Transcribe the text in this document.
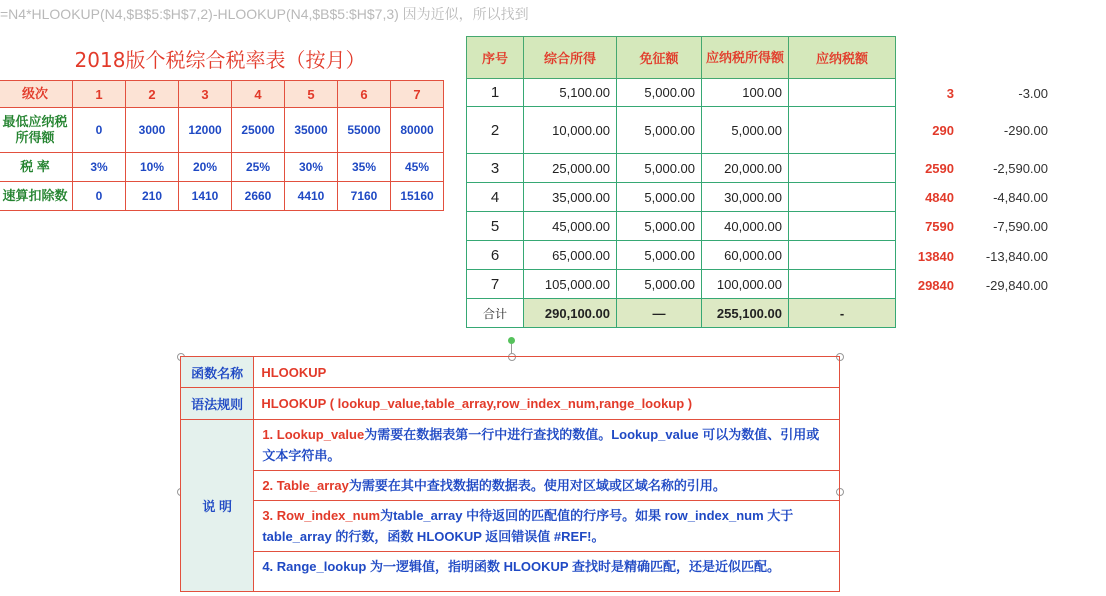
=N4*HLOOKUP(N4,$B$5:$H$7,2)-HLOOKUP(N4,$B$5:$H$7,3) 因为近似，所以找到
2018版个税综合税率表（按月）
级次	1	2	3	4	5	6	7
最低应纳税所得额	0	3000	12000	25000	35000	55000	80000
税 率	3%	10%	20%	25%	30%	35%	45%
速算扣除数	0	210	1410	2660	4410	7160	15160
序号	综合所得	免征额	应纳税所得额	应纳税额
1	5,100.00	5,000.00	100.00	
2	10,000.00	5,000.00	5,000.00	
3	25,000.00	5,000.00	20,000.00	
4	35,000.00	5,000.00	30,000.00	
5	45,000.00	5,000.00	40,000.00	
6	65,000.00	5,000.00	60,000.00	
7	105,000.00	5,000.00	100,000.00	
合计	290,100.00	—	255,100.00	-
3	-3.00
290	-290.00
2590	-2,590.00
4840	-4,840.00
7590	-7,590.00
13840	-13,840.00
29840	-29,840.00
函数名称	HLOOKUP
语法规则	HLOOKUP ( lookup_value,table_array,row_index_num,range_lookup )
说 明	1. Lookup_value为需要在数据表第一行中进行查找的数值。Lookup_value 可以为数值、引用或文本字符串。
	2. Table_array为需要在其中查找数据的数据表。使用对区域或区域名称的引用。
	3. Row_index_num为table_array 中待返回的匹配值的行序号。如果 row_index_num 大于 table_array 的行数，函数 HLOOKUP 返回错误值 #REF!。
	4. Range_lookup 为一逻辑值，指明函数 HLOOKUP 查找时是精确匹配，还是近似匹配。
